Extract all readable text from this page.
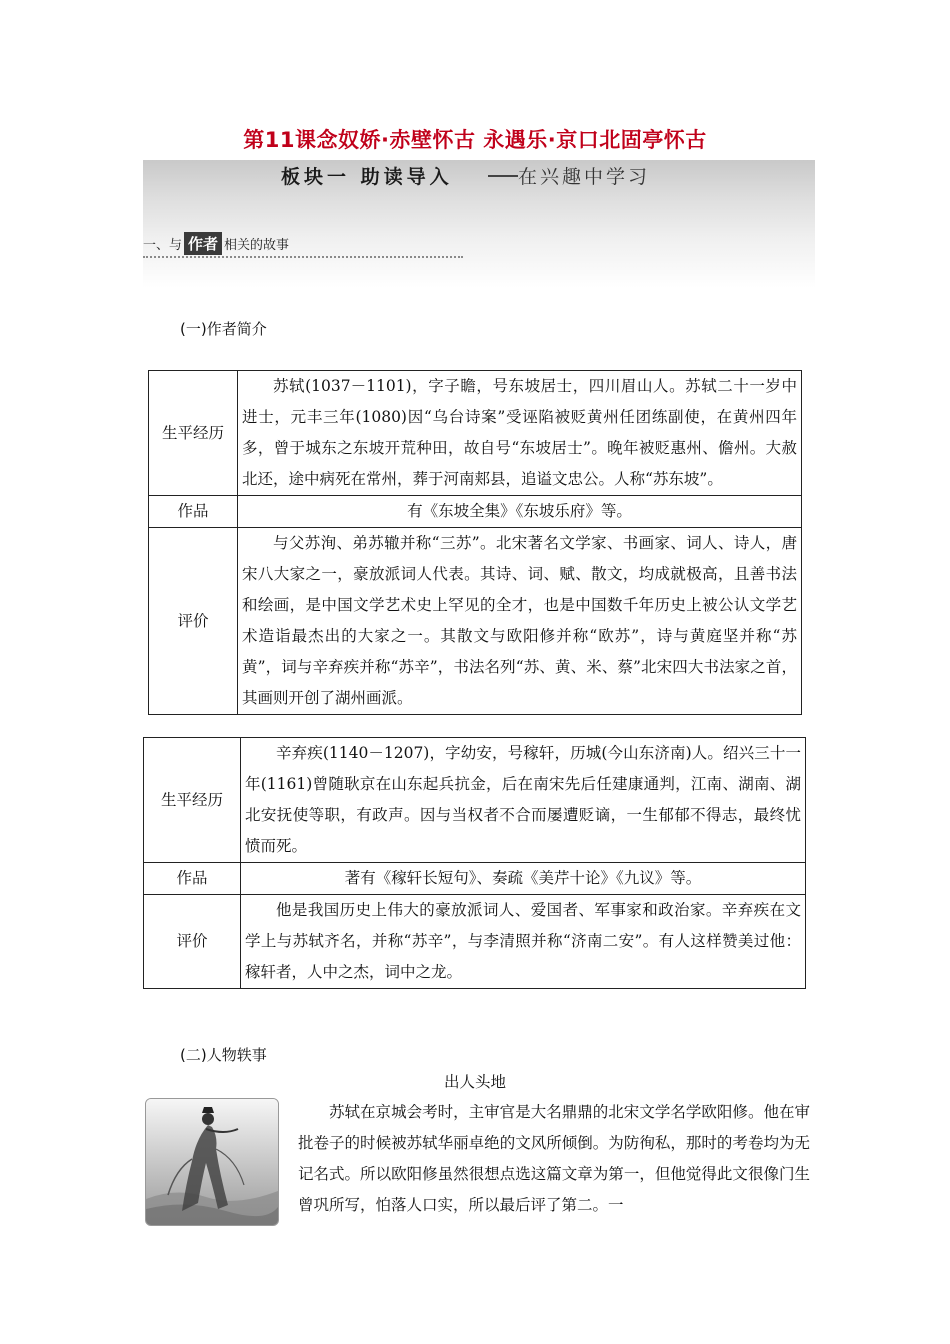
第11课念奴娇·赤壁怀古 永遇乐·京口北固亭怀古
板块一 助读导入	在兴趣中学习
一、与 作者 相关的故事
(一)作者简介
生平经历	苏轼(1037－1101)，字子瞻，号东坡居士，四川眉山人。苏轼二十一岁中进士，元丰三年(1080)因“乌台诗案”受诬陷被贬黄州任团练副使，在黄州四年多，曾于城东之东坡开荒种田，故自号“东坡居士”。晚年被贬惠州、儋州。大赦北还，途中病死在常州，葬于河南郏县，追谥文忠公。人称“苏东坡”。
作品	有《东坡全集》《东坡乐府》等。
评价	与父苏洵、弟苏辙并称“三苏”。北宋著名文学家、书画家、词人、诗人，唐宋八大家之一，豪放派词人代表。其诗、词、赋、散文，均成就极高，且善书法和绘画，是中国文学艺术史上罕见的全才，也是中国数千年历史上被公认文学艺术造诣最杰出的大家之一。其散文与欧阳修并称“欧苏”，诗与黄庭坚并称“苏黄”，词与辛弃疾并称“苏辛”，书法名列“苏、黄、米、蔡”北宋四大书法家之首，其画则开创了湖州画派。
生平经历	辛弃疾(1140－1207)，字幼安，号稼轩，历城(今山东济南)人。绍兴三十一年(1161)曾随耿京在山东起兵抗金，后在南宋先后任建康通判，江南、湖南、湖北安抚使等职，有政声。因与当权者不合而屡遭贬谪，一生郁郁不得志，最终忧愤而死。
作品	著有《稼轩长短句》、奏疏《美芹十论》《九议》等。
评价	他是我国历史上伟大的豪放派词人、爱国者、军事家和政治家。辛弃疾在文学上与苏轼齐名，并称“苏辛”，与李清照并称“济南二安”。有人这样赞美过他：稼轩者，人中之杰，词中之龙。
(二)人物轶事
出人头地
苏轼在京城会考时，主审官是大名鼎鼎的北宋文学名学欧阳修。他在审批卷子的时候被苏轼华丽卓绝的文风所倾倒。为防徇私，那时的考卷均为无记名式。所以欧阳修虽然很想点选这篇文章为第一，但他觉得此文很像门生曾巩所写，怕落人口实，所以最后评了第二。一
